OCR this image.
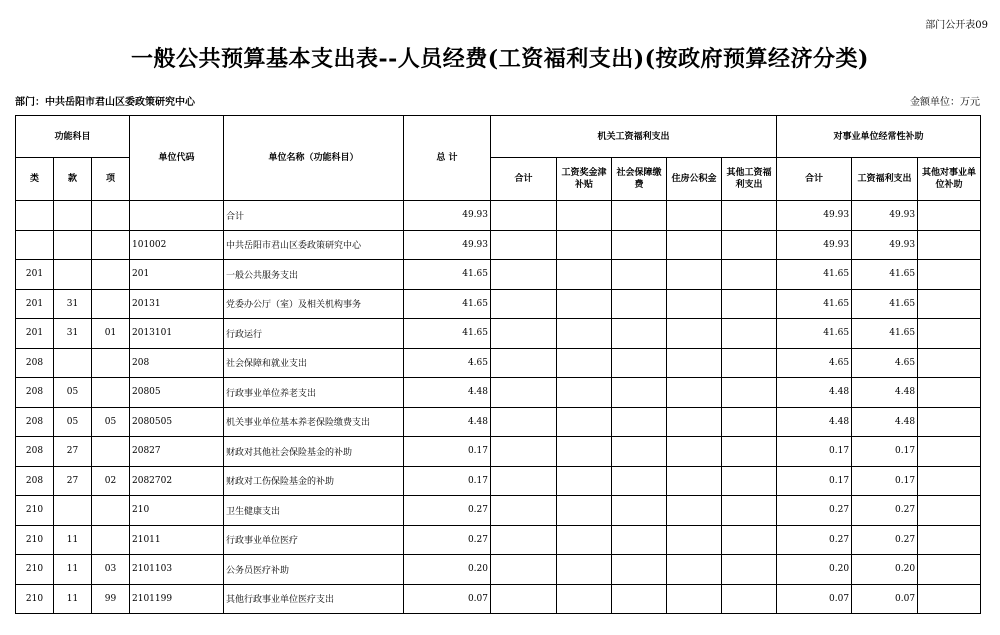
部门公开表09
一般公共预算基本支出表--人员经费(工资福利支出)(按政府预算经济分类)
部门：中共岳阳市君山区委政策研究中心	金额单位：万元
功能科目			单位代码	单位名称（功能科目）	总 计	机关工资福利支出					对事业单位经常性补助		
类	款	项				合计	工资奖金津补贴	社会保障缴费	住房公积金	其他工资福利支出	合计	工资福利支出	其他对事业单位补助
				合计	49.93						49.93	49.93	
			101002	中共岳阳市君山区委政策研究中心	49.93						49.93	49.93	
201			201	一般公共服务支出	41.65						41.65	41.65	
201	31		20131	党委办公厅（室）及相关机构事务	41.65						41.65	41.65	
201	31	01	2013101	行政运行	41.65						41.65	41.65	
208			208	社会保障和就业支出	4.65						4.65	4.65	
208	05		20805	行政事业单位养老支出	4.48						4.48	4.48	
208	05	05	2080505	机关事业单位基本养老保险缴费支出	4.48						4.48	4.48	
208	27		20827	财政对其他社会保险基金的补助	0.17						0.17	0.17	
208	27	02	2082702	财政对工伤保险基金的补助	0.17						0.17	0.17	
210			210	卫生健康支出	0.27						0.27	0.27	
210	11		21011	行政事业单位医疗	0.27						0.27	0.27	
210	11	03	2101103	公务员医疗补助	0.20						0.20	0.20	
210	11	99	2101199	其他行政事业单位医疗支出	0.07						0.07	0.07	
